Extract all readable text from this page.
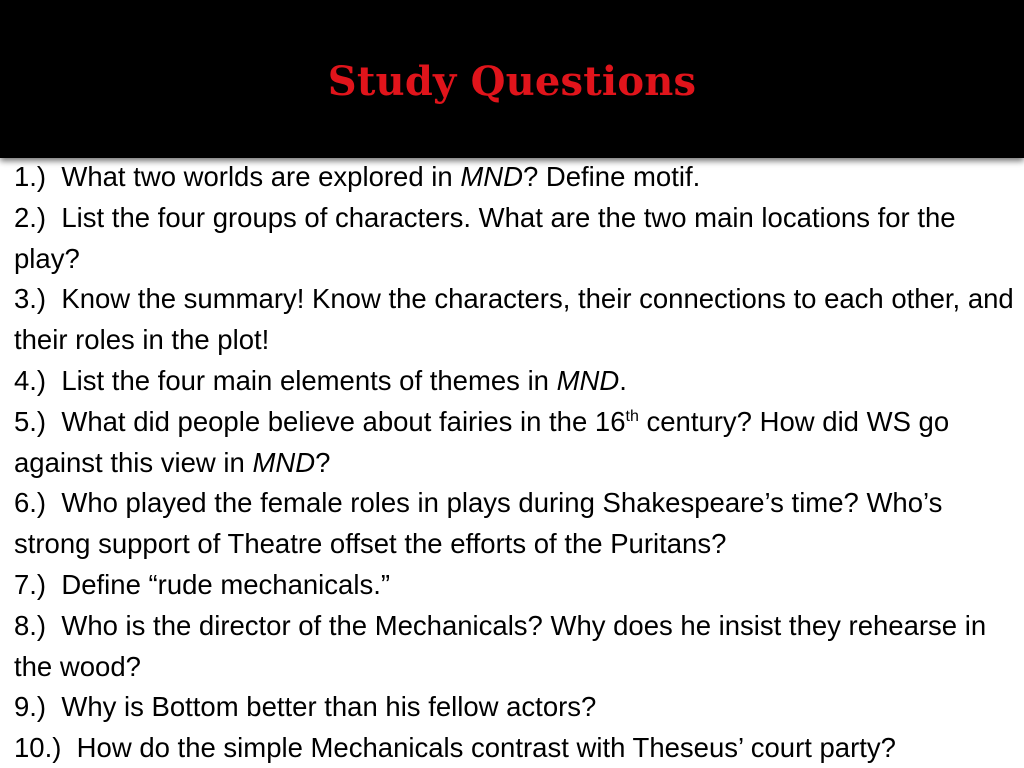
Study Questions

1.) What two worlds are explored in MND? Define motif.

2.) List the four groups of characters. What are the two main locations for the play?

3.) Know the summary! Know the characters, their connections to each other, and their roles in the plot!

4.) List the four main elements of themes in MND.

5.) What did people believe about fairies in the 16th century? How did WS go against this view in MND?

6.) Who played the female roles in plays during Shakespeare’s time? Who’s strong support of Theatre offset the efforts of the Puritans?

7.) Define “rude mechanicals.”

8.) Who is the director of the Mechanicals? Why does he insist they rehearse in the wood?

9.) Why is Bottom better than his fellow actors?

10.) How do the simple Mechanicals contrast with Theseus’ court party?
